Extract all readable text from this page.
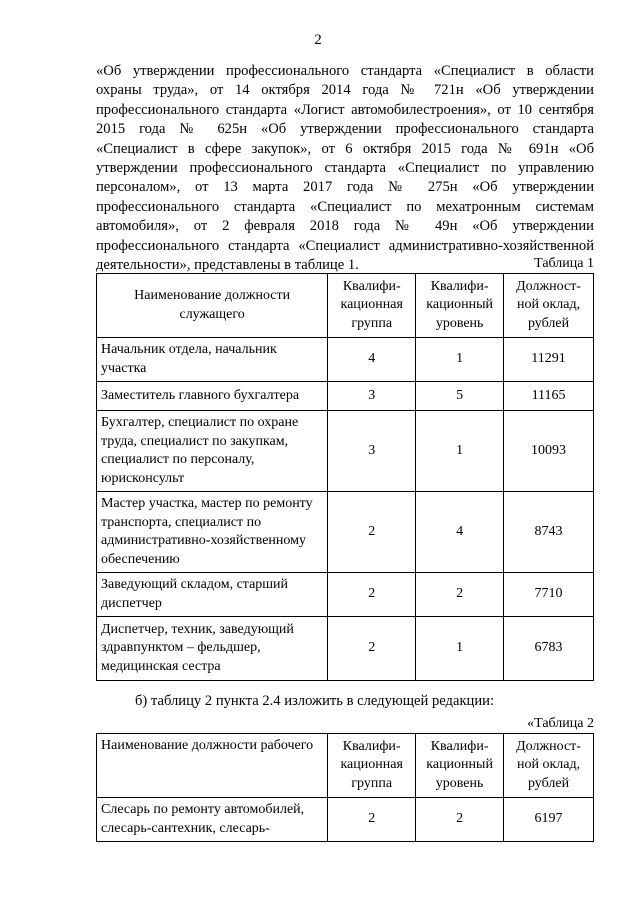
2

«Об утверждении профессионального стандарта «Специалист в области охраны труда», от 14 октября 2014 года № 721н «Об утверждении профессионального стандарта «Логист автомобилестроения», от 10 сентября 2015 года № 625н «Об утверждении профессионального стандарта «Специалист в сфере закупок», от 6 октября 2015 года № 691н «Об утверждении профессионального стандарта «Специалист по управлению персоналом», от 13 марта 2017 года № 275н «Об утверждении профессионального стандарта «Специалист по мехатронным системам автомобиля», от 2 февраля 2018 года № 49н «Об утверждении профессионального стандарта «Специалист административно-хозяйственной деятельности», представлены в таблице 1.	Таблица 1
Наименование должности служащего	Квалифи-кационная группа	Квалифи-кационный уровень	Должност-ной оклад, рублей
Начальник отдела, начальник участка	4	1	11291
Заместитель главного бухгалтера	3	5	11165
Бухгалтер, специалист по охране труда, специалист по закупкам, специалист по персоналу, юрисконсульт	3	1	10093
Мастер участка, мастер по ремонту транспорта, специалист по административно-хозяйственному обеспечению	2	4	8743
Заведующий складом, старший диспетчер	2	2	7710
Диспетчер, техник, заведующий здравпунктом – фельдшер, медицинская сестра	2	1	6783
б) таблицу 2 пункта 2.4 изложить в следующей редакции:
«Таблица 2
Наименование должности рабочего	Квалифи-кационная группа	Квалифи-кационный уровень	Должност-ной оклад, рублей
Слесарь по ремонту автомобилей, слесарь-сантехник, слесарь-	2	2	6197
